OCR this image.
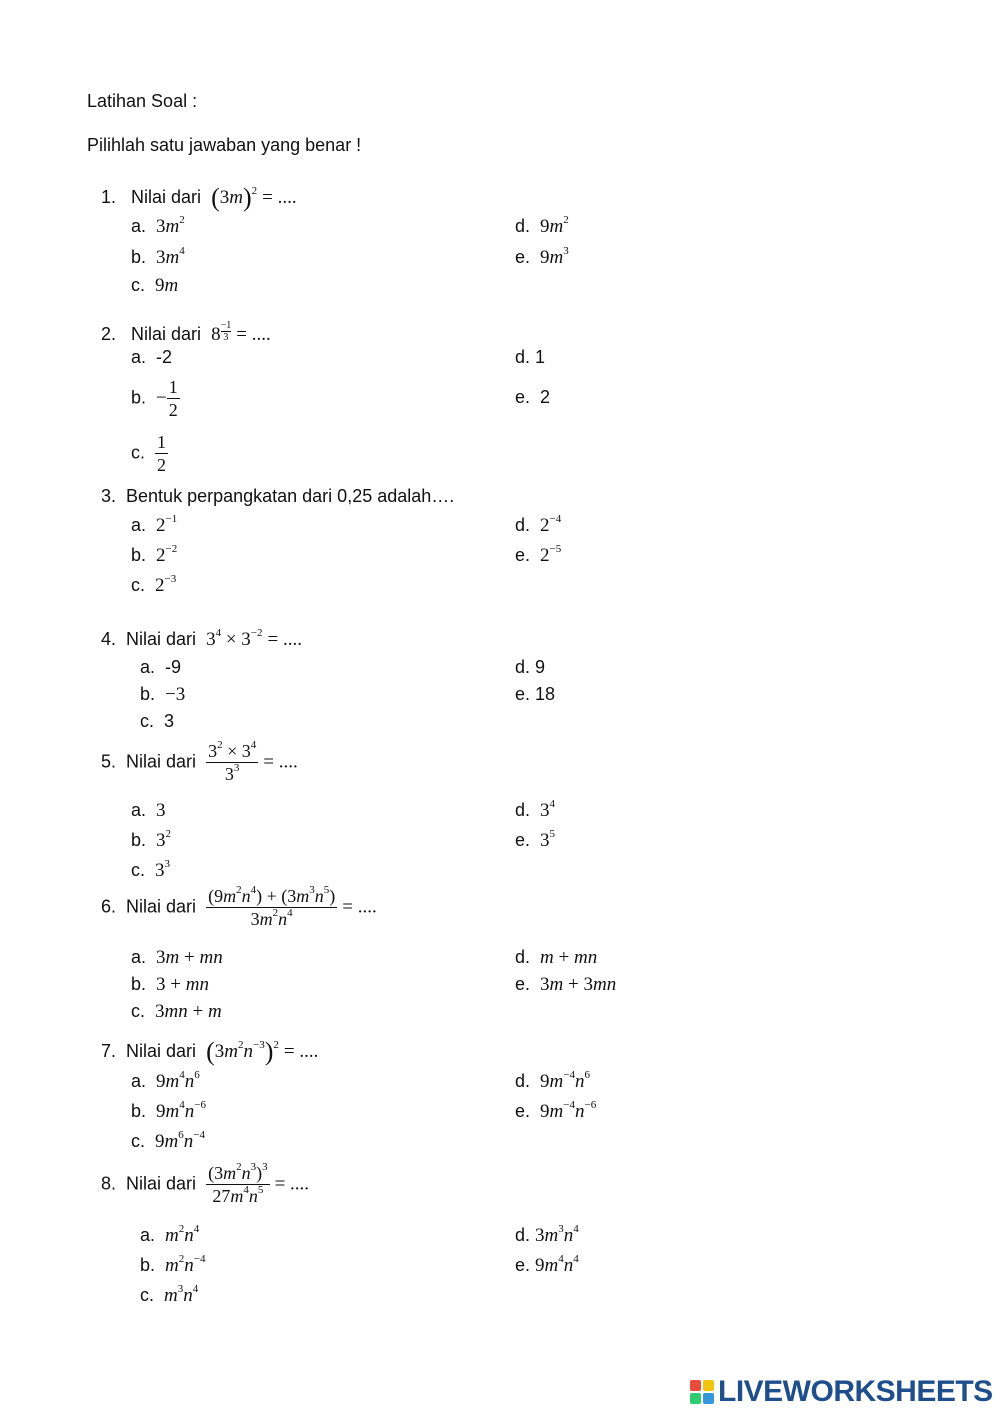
Latihan Soal :
Pilihlah satu jawaban yang benar !
1. Nilai dari $(3m)^2$ = ....
a. $3m^2$	d. $9m^2$
b. $3m^4$	e. $9m^3$
c. 9m
2. Nilai dari $8 \frac{-1}{3}$ = ....
a. -2	d. 1
b. − $\frac{1}{2}$	e. 2
c. $\frac{1}{2}$
3. Bentuk perpangkatan dari 0,25 adalah….
a. $2^{-1}$	d. $2^{-4}$
b. $2^{-2}$	e. $2^{-5}$
c. $2^{-3}$
4. Nilai dari $3^4 \times 3^{-2}$ = ....
a. -9	d. 9
b. −3	e. 18
c. 3
5. Nilai dari $\frac{3^2 \times 3^4}{3^3}$ = ....
a. 3	d. $3^4$
b. $3^2$	e. $3^5$
c. $3^3$
6. Nilai dari $\frac{(9m^2n^4) + (3m^3n^5)}{3m^2n^4}$ = ....
a. 3m + mn	d. m + mn
b. 3 + mn	e. 3m + 3mn
c. 3mn + m
7. Nilai dari $(3m^2n^{-3})^2$ = ....
a. $9m^4n^6$	d. $9m^{-4}n^6$
b. $9m^4n^{-6}$	e. $9m^{-4}n^{-6}$
c. $9m^6n^{-4}$
8. Nilai dari $\frac{(3m^2n^3)^3}{27m^4n^5}$ = ....
a. $m^2n^4$	d. $3m^3n^4$
b. $m^2n^{-4}$	e. $9m^4n^4$
c. $m^3n^4$
LIVEWORKSHEETS
